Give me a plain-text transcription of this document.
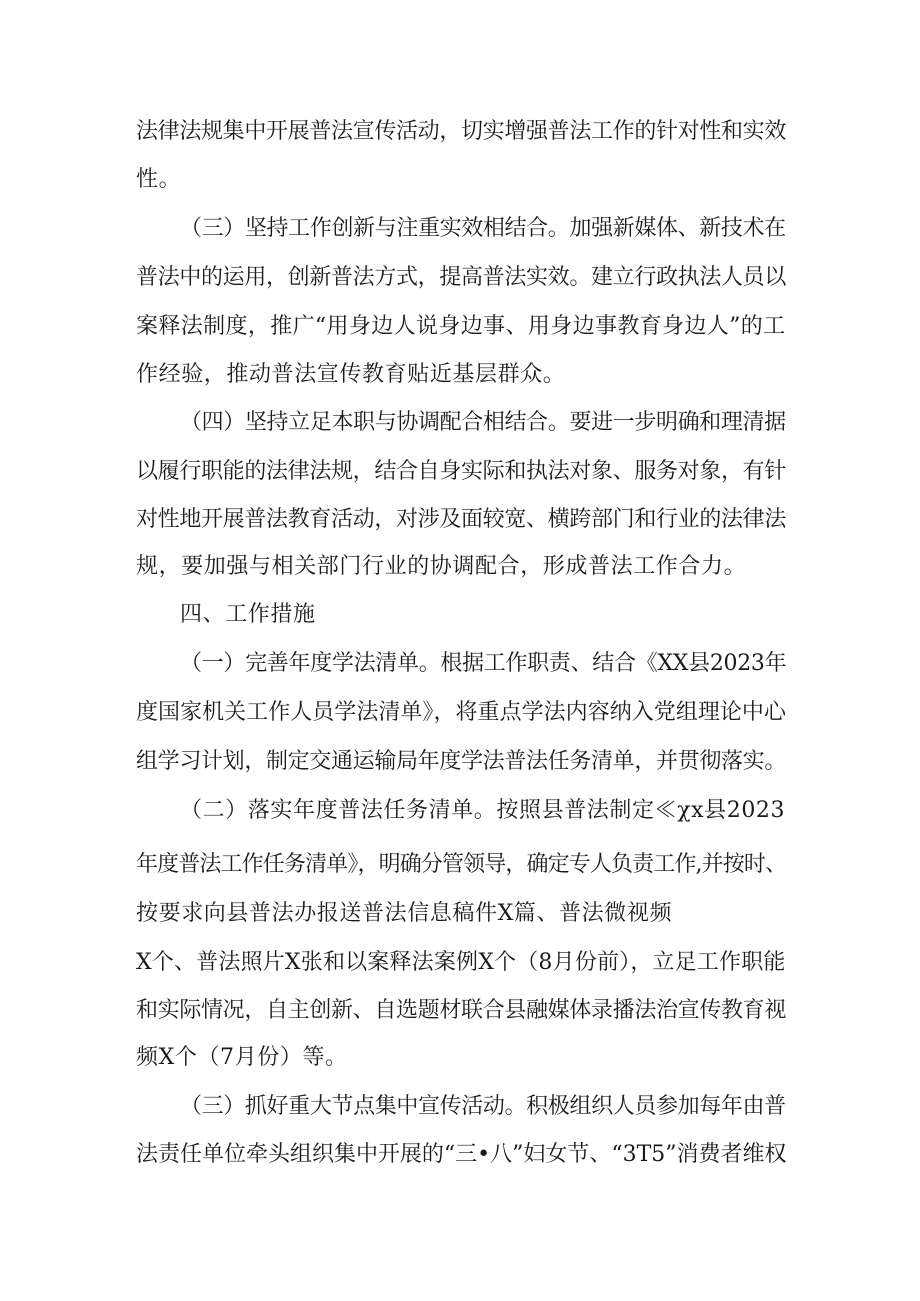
法律法规集中开展普法宣传活动，切实增强普法工作的针对性和实效
性。
（三）坚持工作创新与注重实效相结合。加强新媒体、新技术在
普法中的运用，创新普法方式，提高普法实效。建立行政执法人员以
案释法制度，推广“用身边人说身边事、用身边事教育身边人”的工
作经验，推动普法宣传教育贴近基层群众。
（四）坚持立足本职与协调配合相结合。要进一步明确和理清据
以履行职能的法律法规，结合自身实际和执法对象、服务对象，有针
对性地开展普法教育活动，对涉及面较宽、横跨部门和行业的法律法
规，要加强与相关部门行业的协调配合，形成普法工作合力。
四、工作措施
（一）完善年度学法清单。根据工作职责、结合《XX县2023年
度国家机关工作人员学法清单》，将重点学法内容纳入党组理论中心
组学习计划，制定交通运输局年度学法普法任务清单，并贯彻落实。
（二）落实年度普法任务清单。按照县普法制定≪χx县2023
年度普法工作任务清单》，明确分管领导，确定专人负责工作,并按时、
按要求向县普法办报送普法信息稿件X篇、普法微视频
X个、普法照片X张和以案释法案例X个（8月份前），立足工作职能
和实际情况，自主创新、自选题材联合县融媒体录播法治宣传教育视
频X个（7月份）等。
（三）抓好重大节点集中宣传活动。积极组织人员参加每年由普
法责任单位牵头组织集中开展的“三•八”妇女节、“3T5”消费者维权
